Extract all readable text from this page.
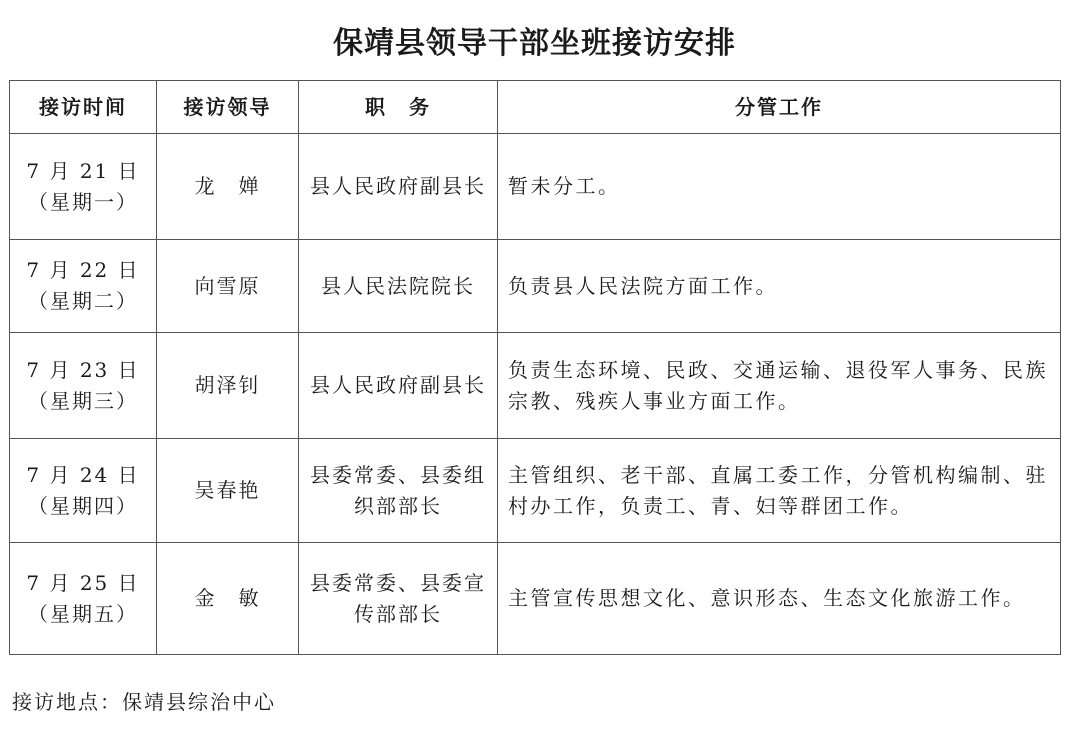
保靖县领导干部坐班接访安排
接访时间	接访领导	职　务	分管工作

7 月 21 日
（星期一）	龙　婵	县人民政府副县长	暂未分工。

7 月 22 日
（星期二）	向雪原	县人民法院院长	负责县人民法院方面工作。

7 月 23 日
（星期三）	胡泽钊	县人民政府副县长	负责生态环境、民政、交通运输、退役军人事务、民族宗教、残疾人事业方面工作。

7 月 24 日
（星期四）	吴春艳	县委常委、县委组织部部长	主管组织、老干部、直属工委工作，分管机构编制、驻村办工作，负责工、青、妇等群团工作。

7 月 25 日
（星期五）	金　敏	县委常委、县委宣传部部长	主管宣传思想文化、意识形态、生态文化旅游工作。
接访地点：保靖县综治中心
